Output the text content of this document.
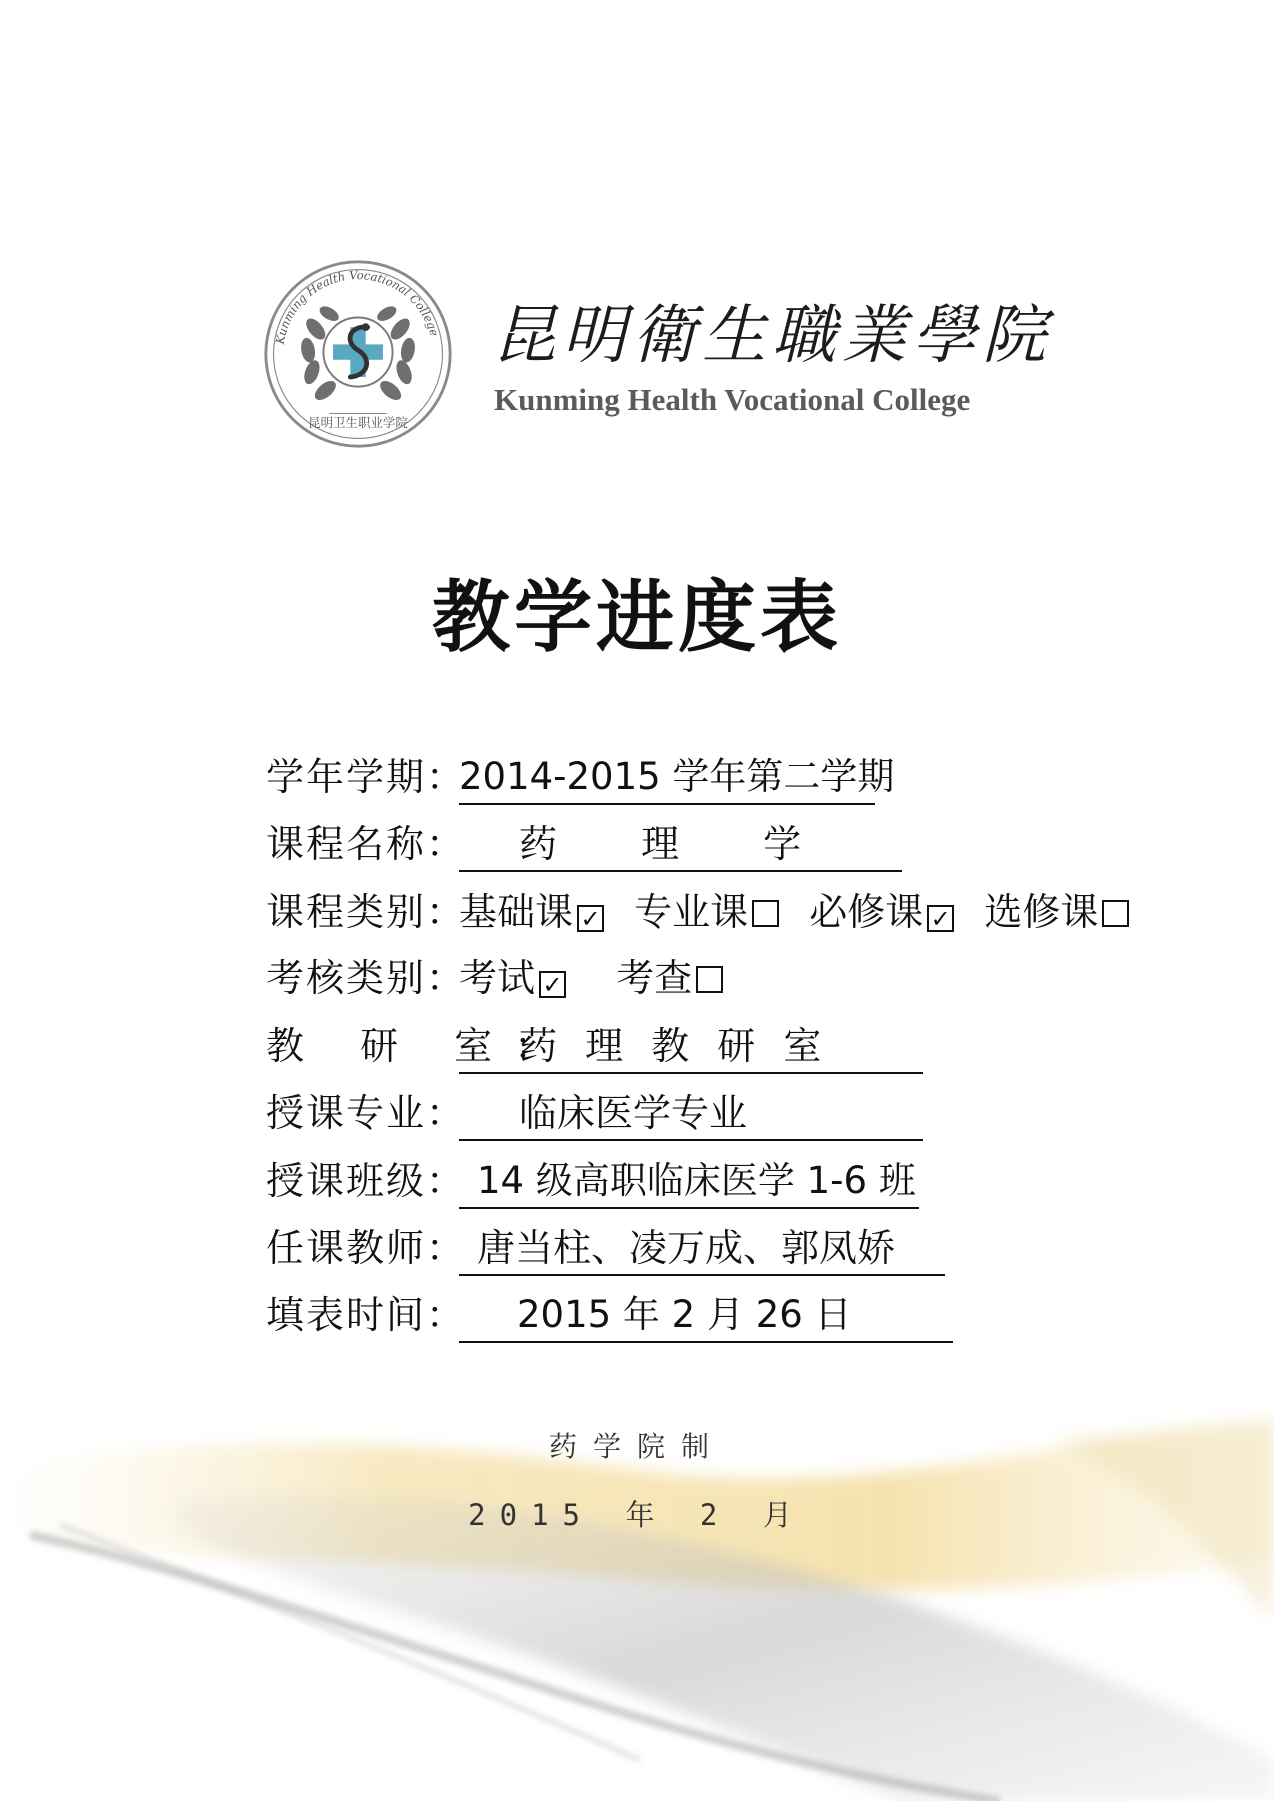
Kunming Health Vocational College
昆明卫生职业学院
昆明衛生職業學院
Kunming Health Vocational College
教学进度表
学年学期：
2014-2015 学年第二学期
课程名称： 药 理 学
课程类别：
基础课 ✓ 专业课 必修课 ✓ 选修课
考核类别：
考试 ✓ 考查
教 研 室：
药 理 教 研 室
授课专业： 临床医学专业
授课班级： 14 级高职临床医学 1-6 班
任课教师： 唐当柱、凌万成、郭凤娇
填表时间： 2015 年 2 月 26 日
药学院制
2015 年 2 月
